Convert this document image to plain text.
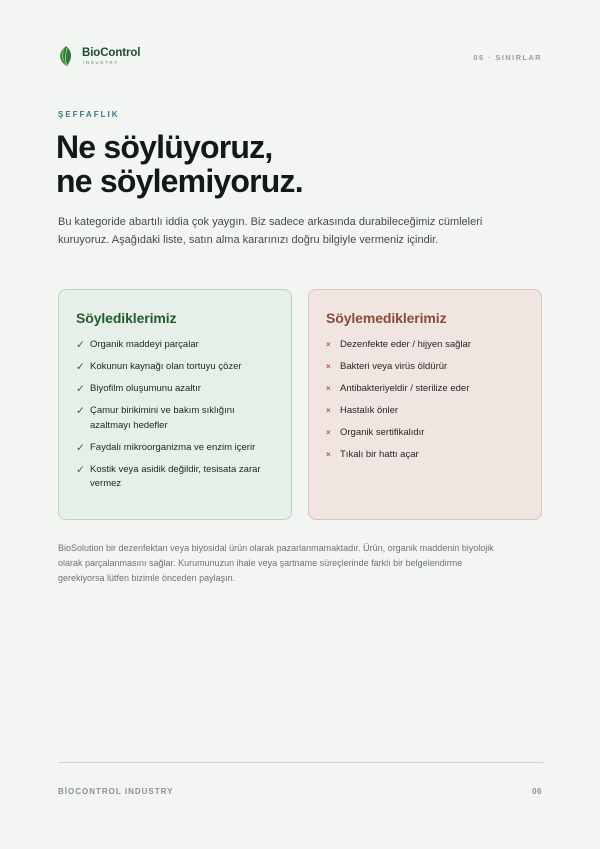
BioControl
INDUSTRY	06 · SINIRLAR
ŞEFFAFLIK
Ne söylüyoruz,
ne söylemiyoruz.

Bu kategoride abartılı iddia çok yaygın. Biz sadece arkasında durabileceğimiz cümleleri kuruyoruz. Aşağıdaki liste, satın alma kararınızı doğru bilgiyle vermeniz içindir.

Söylediklerimiz
✓ Organik maddeyi parçalar
✓ Kokunun kaynağı olan tortuyu çözer
✓ Biyofilm oluşumunu azaltır
✓ Çamur birikimini ve bakım sıklığını azaltmayı hedefler
✓ Faydalı mikroorganizma ve enzim içerir
✓ Kostik veya asidik değildir, tesisata zarar vermez
Söylemediklerimiz
× Dezenfekte eder / hijyen sağlar
× Bakteri veya virüs öldürür
× Antibakteriyeldir / sterilize eder
× Hastalık önler
× Organik sertifikalıdır
× Tıkalı bir hattı açar

BioSolution bir dezenfektan veya biyosidal ürün olarak pazarlanmamaktadır. Ürün, organik maddenin biyolojik olarak parçalanmasını sağlar. Kurumunuzun ihale veya şartname süreçlerinde farklı bir belgelendirme gerekiyorsa lütfen bizimle önceden paylaşın.

BİOCONTROL INDUSTRY	06
